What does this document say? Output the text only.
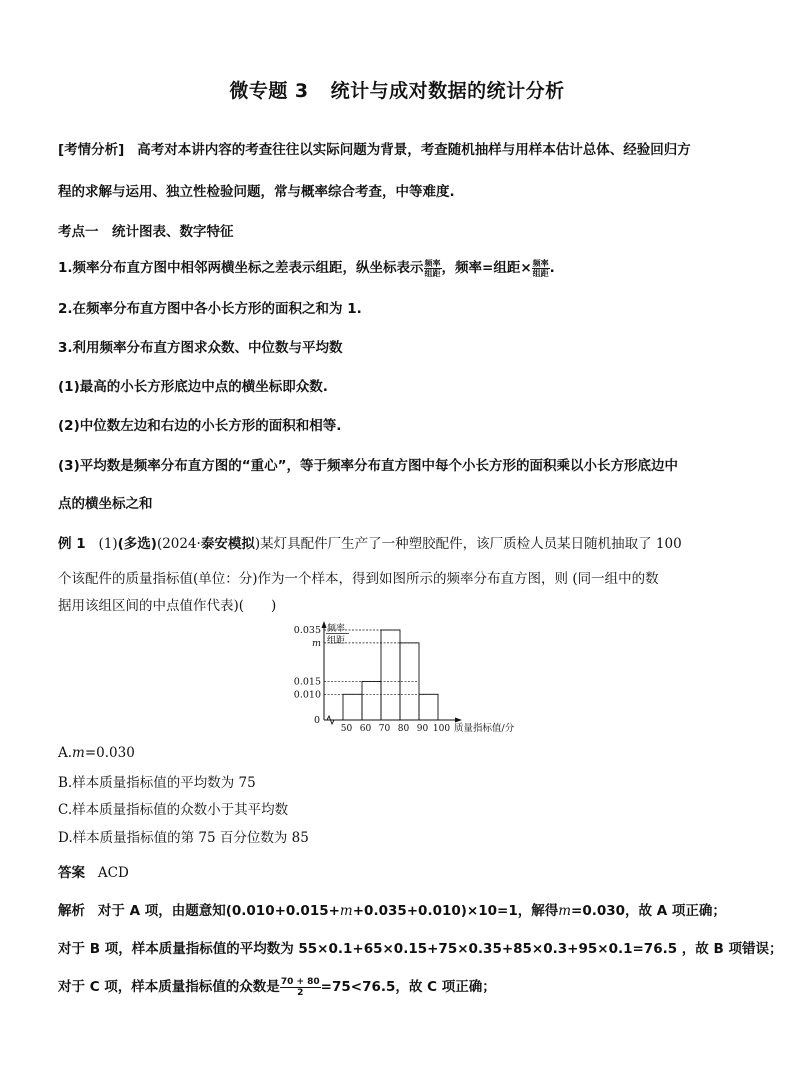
微专题 3 统计与成对数据的统计分析
[考情分析] 高考对本讲内容的考查往往以实际问题为背景，考查随机抽样与用样本估计总体、经验回归方
程的求解与运用、独立性检验问题，常与概率综合考查，中等难度.
考点一　统计图表、数字特征
1.频率分布直方图中相邻两横坐标之差表示组距，纵坐标表示 $\frac{\text{频率}}{\text{组距}}$ ，频率=组距× $\frac{\text{频率}}{\text{组距}}$ .
2.在频率分布直方图中各小长方形的面积之和为 1.
3.利用频率分布直方图求众数、中位数与平均数
(1)最高的小长方形底边中点的横坐标即众数.
(2)中位数左边和右边的小长方形的面积和相等.
(3)平均数是频率分布直方图的“重心”，等于频率分布直方图中每个小长方形的面积乘以小长方形底边中
点的横坐标之和
例 1 (1)(多选)(2024·泰安模拟)某灯具配件厂生产了一种塑胶配件，该厂质检人员某日随机抽取了 100
个该配件的质量指标值(单位：分)作为一个样本，得到如图所示的频率分布直方图，则 (同一组中的数
据用该组区间的中点值作代表)(　　)
0.035
m
0.015
0.010
0
50 60 70 80 90 100 质量指标值/分
频率
组距
A.m=0.030
B.样本质量指标值的平均数为 75
C.样本质量指标值的众数小于其平均数
D.样本质量指标值的第 75 百分位数为 85
答案 ACD
解析 对于 A 项，由题意知(0.010+0.015+m+0.035+0.010)×10=1，解得m=0.030，故 A 项正确；
对于 B 项，样本质量指标值的平均数为 55×0.1+65×0.15+75×0.35+85×0.3+95×0.1=76.5 ，故 B 项错误；
对于 C 项，样本质量指标值的众数是 $\frac{70 + 80}{2} =75<76.5$，故 C 项正确；
